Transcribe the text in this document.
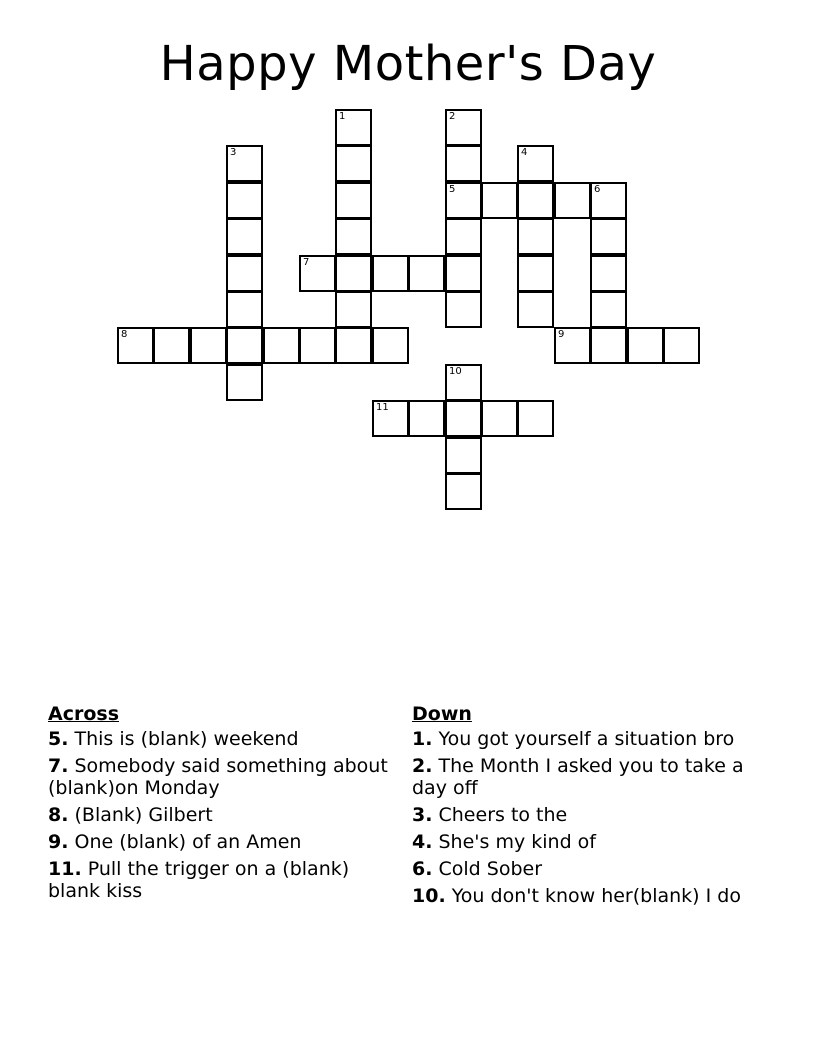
Happy Mother's Day
1	2
3	4
5	6
7
8	9
10
11
Across
5. This is (blank) weekend
7. Somebody said something about (blank)on Monday
8. (Blank) Gilbert
9. One (blank) of an Amen
11. Pull the trigger on a (blank) blank kiss
Down
1. You got yourself a situation bro
2. The Month I asked you to take a day off
3. Cheers to the
4. She's my kind of
6. Cold Sober
10. You don't know her(blank) I do
